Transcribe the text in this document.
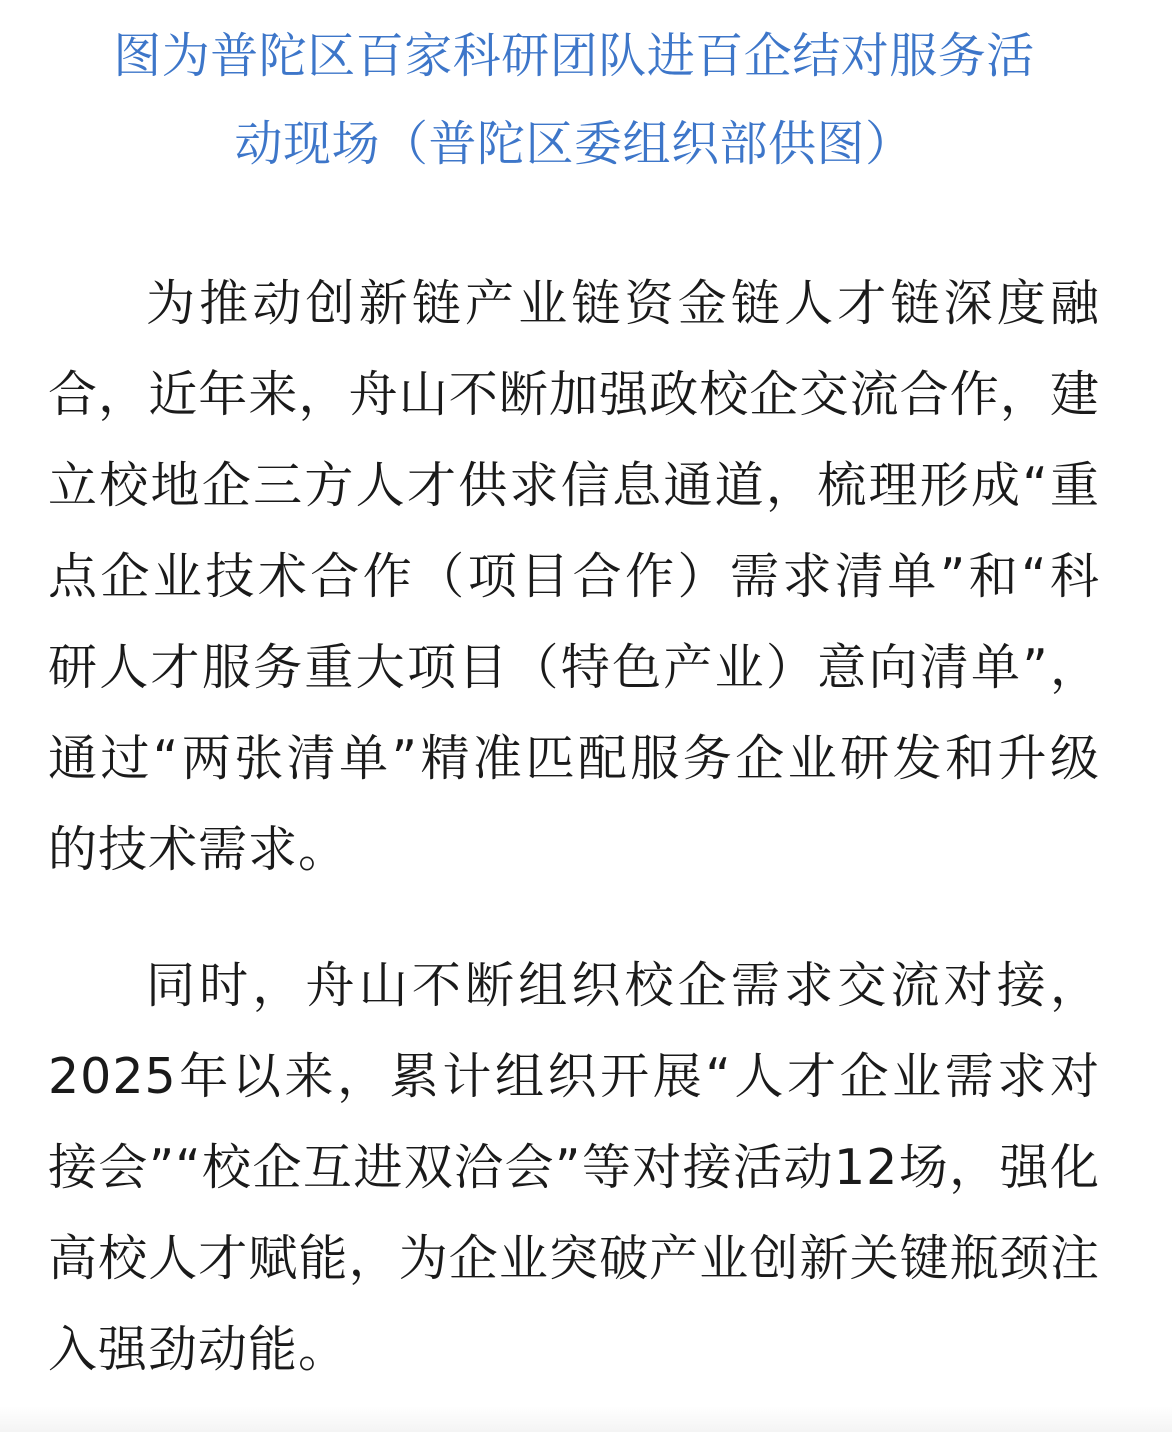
图为普陀区百家科研团队进百企结对服务活
动现场（普陀区委组织部供图）

为推动创新链产业链资金链人才链深度融合，近年来，舟山不断加强政校企交流合作，建立校地企三方人才供求信息通道，梳理形成“重点企业技术合作（项目合作）需求清单”和“科研人才服务重大项目（特色产业）意向清单”，通过“两张清单”精准匹配服务企业研发和升级的技术需求。

同时，舟山不断组织校企需求交流对接，2025年以来，累计组织开展“人才企业需求对接会”“校企互进双洽会”等对接活动12场，强化高校人才赋能，为企业突破产业创新关键瓶颈注入强劲动能。
